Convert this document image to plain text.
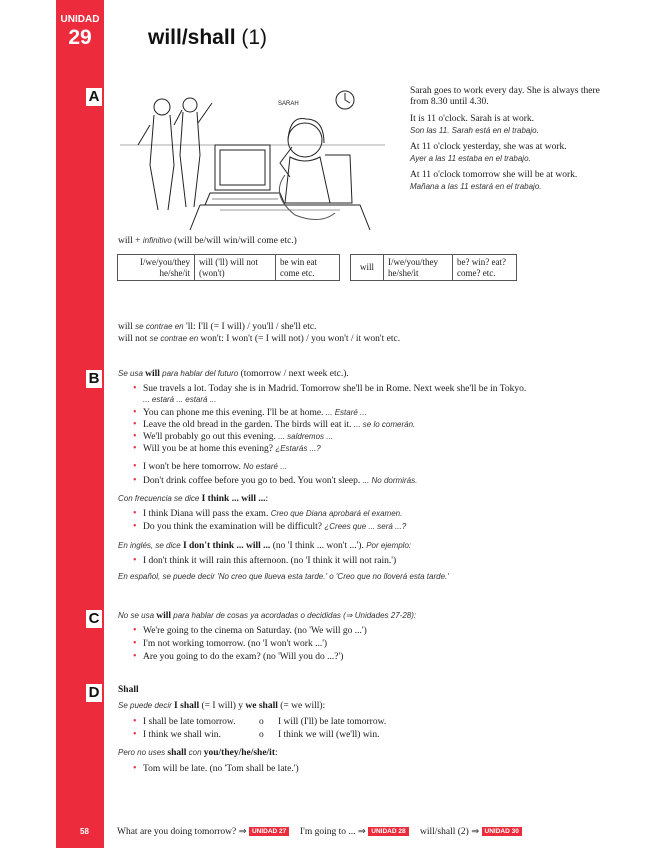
UNIDAD
29	will/shall (1)
A
B
C
D
SARAH

Sarah goes to work every day. She is always there from 8.30 until 4.30.

It is 11 o'clock. Sarah is at work.
Son las 11. Sarah está en el trabajo.

At 11 o'clock yesterday, she was at work.
Ayer a las 11 estaba en el trabajo.

At 11 o'clock tomorrow she will be at work.
Mañana a las 11 estará en el trabajo.

will + infinitivo (will be/will win/will come etc.)
I/we/you/they he/she/it	will ('ll) will not (won't)	be win eat come etc.
will	I/we/you/they he/she/it	be? win? eat? come? etc.
will se contrae en 'll: I'll (= I will) / you'll / she'll etc.
will not se contrae en won't: I won't (= I will not) / you won't / it won't etc.
Se usa will para hablar del futuro (tomorrow / next week etc.).
• Sue travels a lot. Today she is in Madrid. Tomorrow she'll be in Rome. Next week she'll be in Tokyo.
... estará ... estará ...
• You can phone me this evening. I'll be at home. ... Estaré ...
• Leave the old bread in the garden. The birds will eat it. ... se lo comerán.
• We'll probably go out this evening. ... saldremos ...
• Will you be at home this evening? ¿Estarás ...?
• I won't be here tomorrow. No estaré ...
• Don't drink coffee before you go to bed. You won't sleep. ... No dormirás.
Con frecuencia se dice I think ... will ...:
• I think Diana will pass the exam. Creo que Diana aprobará el examen.
• Do you think the examination will be difficult? ¿Crees que ... será ...?
En inglés, se dice I don't think ... will ... (no 'I think ... won't ...'). Por ejemplo:
• I don't think it will rain this afternoon. (no 'I think it will not rain.')
En español, se puede decir 'No creo que llueva esta tarde.' o 'Creo que no lloverá esta tarde.'
No se usa will para hablar de cosas ya acordadas o decididas (⇒ Unidades 27-28):
• We're going to the cinema on Saturday. (no 'We will go ...')
• I'm not working tomorrow. (no 'I won't work ...')
• Are you going to do the exam? (no 'Will you do ...?')
Shall
Se puede decir I shall (= I will) y we shall (= we will):
• I shall be late tomorrow. o I will (I'll) be late tomorrow.
• I think we shall win.	o I think we will (we'll) win.
Pero no uses shall con you/they/he/she/it:
• Tom will be late. (no 'Tom shall be late.')
58	What are you doing tomorrow? ⇒ UNIDAD 27	I'm going to ... ⇒ UNIDAD 28	will/shall (2) ⇒ UNIDAD 30
